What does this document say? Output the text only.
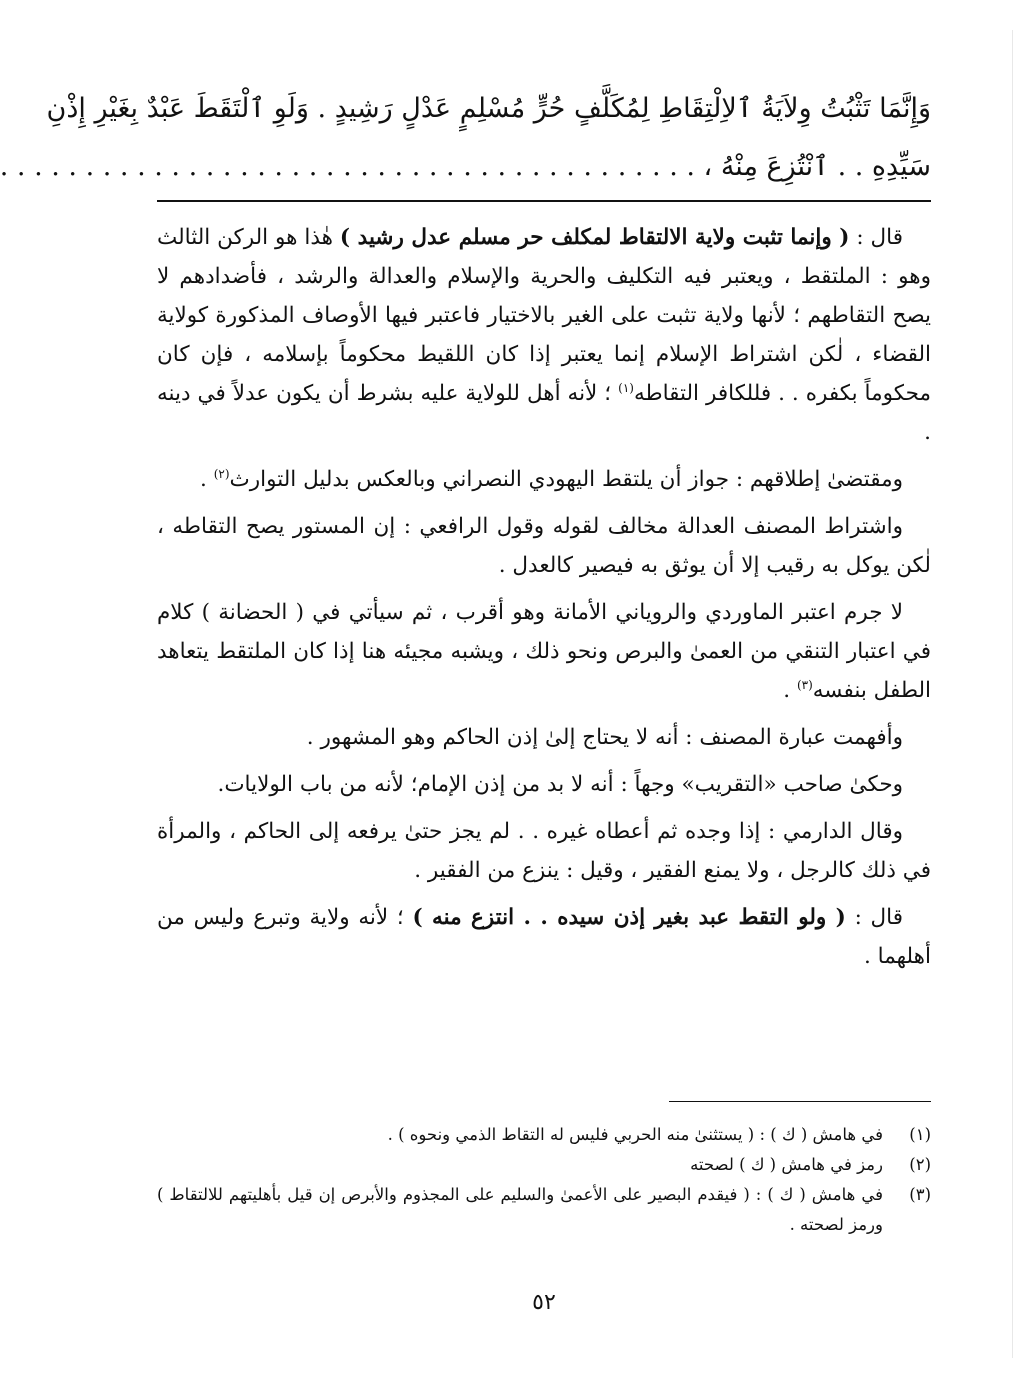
وَإِنَّمَا تَثْبُتُ وِلاَيَةُ ٱلاِلْتِقَاطِ لِمُكَلَّفٍ حُرٍّ مُسْلِمٍ عَدْلٍ رَشِيدٍ . وَلَوِ ٱلْتَقَطَ عَبْدٌ بِغَيْرِ إِذْنِ
سَيِّدِهِ . . ٱنْتُزِعَ مِنْهُ ، . . . . . . . . . . . . . . . . . . . . . . . . . . . . . . . . . . . . . . . . .

قال : ( وإنما تثبت ولاية الالتقاط لمكلف حر مسلم عدل رشيد ) هٰذا هو الركن الثالث وهو : الملتقط ، ويعتبر فيه التكليف والحرية والإسلام والعدالة والرشد ، فأضدادهم لا يصح التقاطهم ؛ لأنها ولاية تثبت على الغير بالاختيار فاعتبر فيها الأوصاف المذكورة كولاية القضاء ، لٰكن اشتراط الإسلام إنما يعتبر إذا كان اللقيط محكوماً بإسلامه ، فإن كان محكوماً بكفره . . فللكافر التقاطه$^{(١)}$ ؛ لأنه أهل للولاية عليه بشرط أن يكون عدلاً في دينه .

ومقتضىٰ إطلاقهم : جواز أن يلتقط اليهودي النصراني وبالعكس بدليل التوارث$^{(٢)}$ .

واشتراط المصنف العدالة مخالف لقوله وقول الرافعي : إن المستور يصح التقاطه ، لٰكن يوكل به رقيب إلا أن يوثق به فيصير كالعدل .

لا جرم اعتبر الماوردي والروياني الأمانة وهو أقرب ، ثم سيأتي في ( الحضانة ) كلام في اعتبار التنقي من العمىٰ والبرص ونحو ذلك ، ويشبه مجيئه هنا إذا كان الملتقط يتعاهد الطفل بنفسه$^{(٣)}$ .

وأفهمت عبارة المصنف : أنه لا يحتاج إلىٰ إذن الحاكم وهو المشهور .

وحكىٰ صاحب «التقريب» وجهاً : أنه لا بد من إذن الإمام؛ لأنه من باب الولايات.

وقال الدارمي : إذا وجده ثم أعطاه غيره . . لم يجز حتىٰ يرفعه إلى الحاكم ، والمرأة في ذلك كالرجل ، ولا يمنع الفقير ، وقيل : ينزع من الفقير .

قال : ( ولو التقط عبد بغير إذن سيده . . انتزع منه ) ؛ لأنه ولاية وتبرع وليس من أهلهما .

(١)
في هامش ( ك ) : ( يستثنىٰ منه الحربي فليس له التقاط الذمي ونحوه ) .
(٢)
رمز في هامش ( ك ) لصحته
(٣)
في هامش ( ك ) : ( فيقدم البصير على الأعمىٰ والسليم على المجذوم والأبرص إن قيل بأهليتهم للالتقاط ) ورمز لصحته .
٥٢
